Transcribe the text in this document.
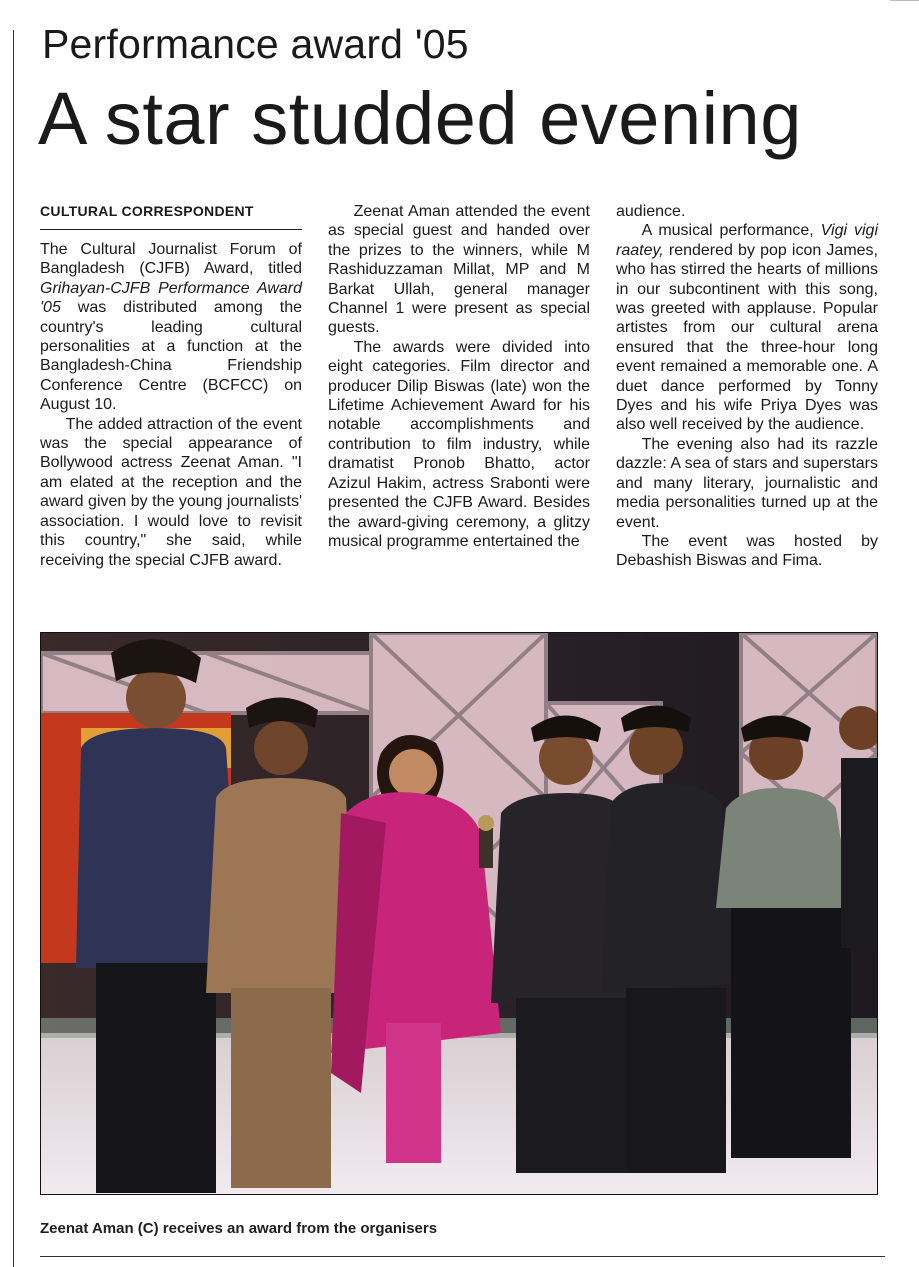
Performance award '05
A star studded evening

CULTURAL CORRESPONDENT

The Cultural Journalist Forum of Bangladesh (CJFB) Award, titled Grihayan-CJFB Performance Award '05 was distributed among the country's leading cultural personalities at a function at the Bangladesh-China Friendship Conference Centre (BCFCC) on August 10.

The added attraction of the event was the special appearance of Bollywood actress Zeenat Aman. "I am elated at the reception and the award given by the young journalists' association. I would love to revisit this country," she said, while receiving the special CJFB award.

Zeenat Aman attended the event as special guest and handed over the prizes to the winners, while M Rashiduzzaman Millat, MP and M Barkat Ullah, general manager Channel 1 were present as special guests.

The awards were divided into eight categories. Film director and producer Dilip Biswas (late) won the Lifetime Achievement Award for his notable accomplishments and contribution to film industry, while dramatist Pronob Bhatto, actor Azizul Hakim, actress Srabonti were presented the CJFB Award. Besides the award-giving ceremony, a glitzy musical programme entertained the

audience.

A musical performance, Vigi vigi raatey, rendered by pop icon James, who has stirred the hearts of millions in our subcontinent with this song, was greeted with applause. Popular artistes from our cultural arena ensured that the three-hour long event remained a memorable one. A duet dance performed by Tonny Dyes and his wife Priya Dyes was also well received by the audience.

The evening also had its razzle dazzle: A sea of stars and superstars and many literary, journalistic and media personalities turned up at the event.

The event was hosted by Debashish Biswas and Fima.

Zeenat Aman (C) receives an award from the organisers
